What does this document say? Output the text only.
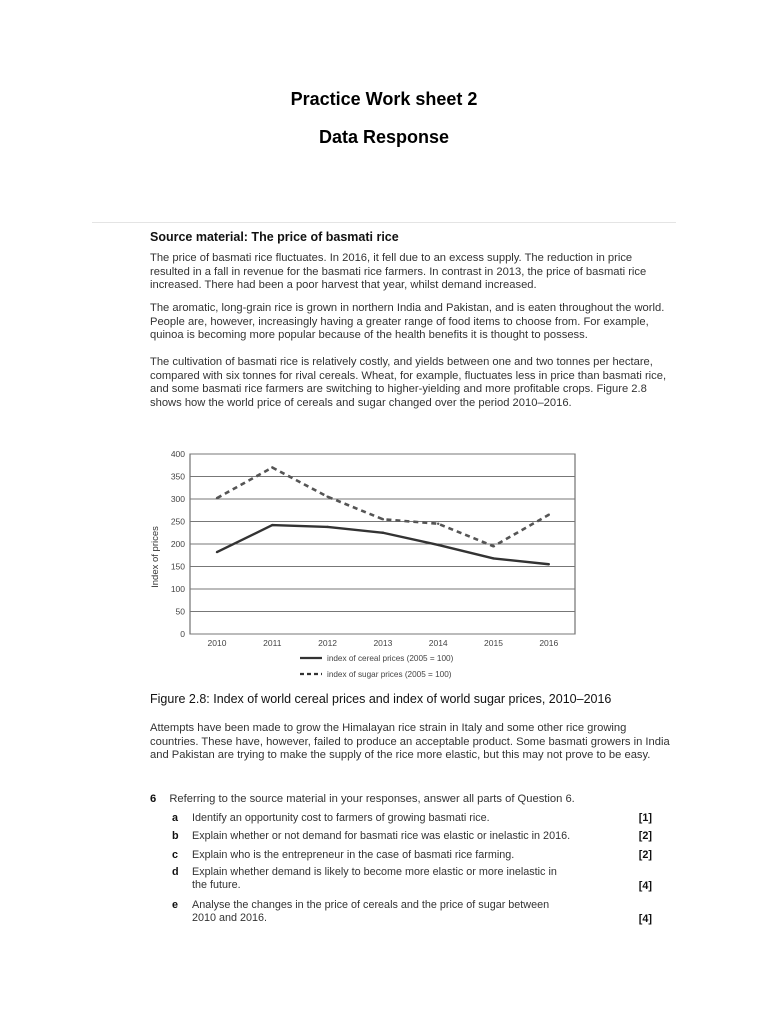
Practice Work sheet 2
Data Response
Source material: The price of basmati rice
The price of basmati rice fluctuates. In 2016, it fell due to an excess supply. The reduction in price resulted in a fall in revenue for the basmati rice farmers. In contrast in 2013, the price of basmati rice increased. There had been a poor harvest that year, whilst demand increased.
The aromatic, long-grain rice is grown in northern India and Pakistan, and is eaten throughout the world. People are, however, increasingly having a greater range of food items to choose from. For example, quinoa is becoming more popular because of the health benefits it is thought to possess.
The cultivation of basmati rice is relatively costly, and yields between one and two tonnes per hectare, compared with six tonnes for rival cereals. Wheat, for example, fluctuates less in price than basmati rice, and some basmati rice farmers are switching to higher-yielding and more profitable crops. Figure 2.8 shows how the world price of cereals and sugar changed over the period 2010–2016.
0
50
100
150
200
250
300
350
400
2010	2011	2012	2013	2014	2015	2016
index of cereal prices (2005 = 100)
index of sugar prices (2005 = 100)
Index of prices
Figure 2.8: Index of world cereal prices and index of world sugar prices, 2010–2016
Attempts have been made to grow the Himalayan rice strain in Italy and some other rice growing countries. These have, however, failed to produce an acceptable product. Some basmati growers in India and Pakistan are trying to make the supply of the rice more elastic, but this may not prove to be easy.
6 Referring to the source material in your responses, answer all parts of Question 6.
a Identify an opportunity cost to farmers of growing basmati rice.	[1]
b Explain whether or not demand for basmati rice was elastic or inelastic in 2016.	[2]
c Explain who is the entrepreneur in the case of basmati rice farming.	[2]
d Explain whether demand is likely to become more elastic or more inelastic in the future.	[4]
e Analyse the changes in the price of cereals and the price of sugar between 2010 and 2016.	[4]
